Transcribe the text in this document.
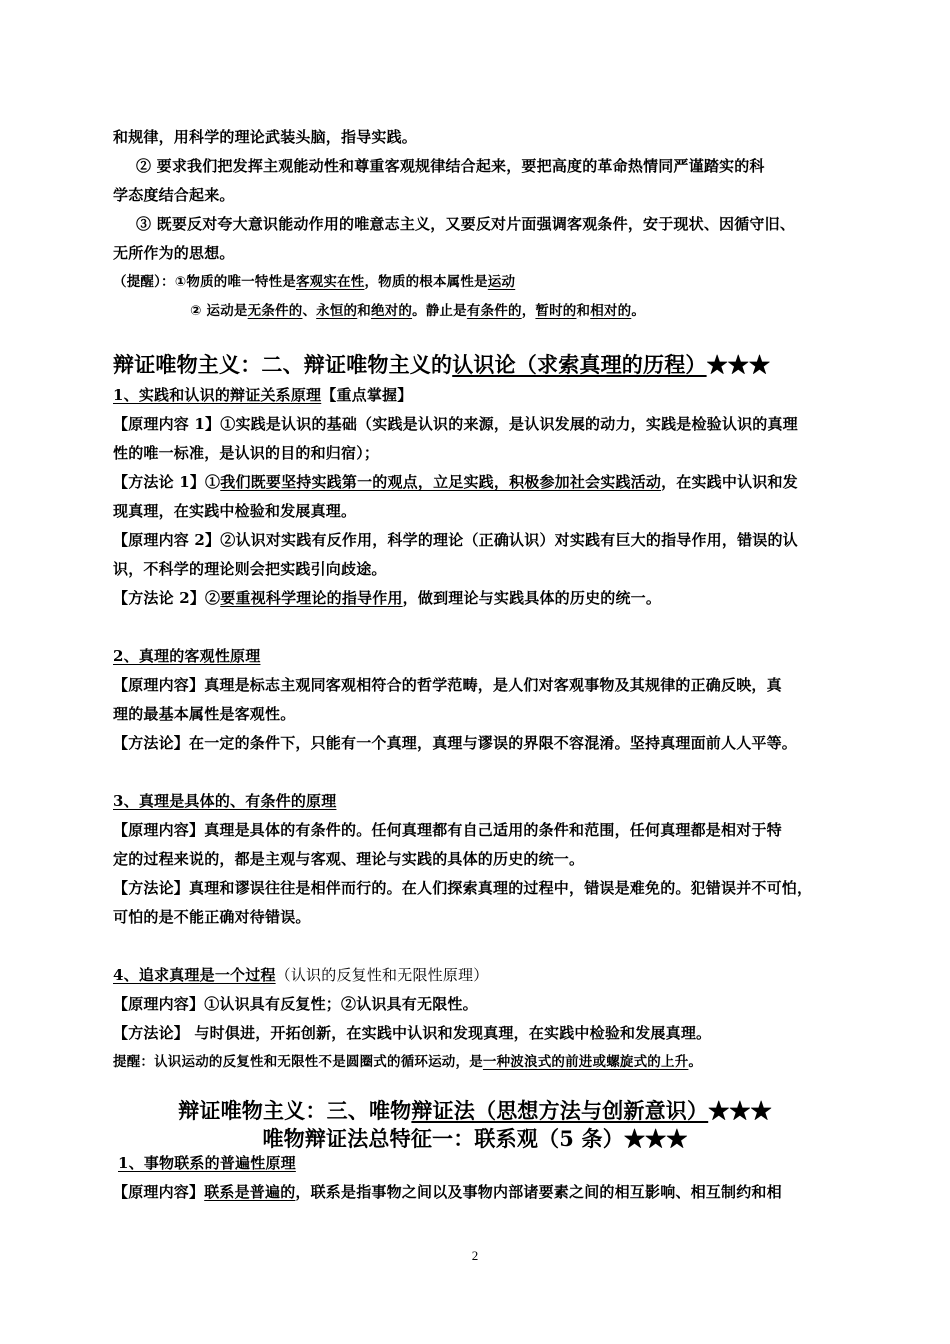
和规律，用科学的理论武装头脑，指导实践。
② 要求我们把发挥主观能动性和尊重客观规律结合起来，要把高度的革命热情同严谨踏实的科
学态度结合起来。
③ 既要反对夸大意识能动作用的唯意志主义，又要反对片面强调客观条件，安于现状、因循守旧、
无所作为的思想。
（提醒）：①物质的唯一特性是客观实在性，物质的根本属性是运动
② 运动是无条件的、永恒的和绝对的。静止是有条件的，暂时的和相对的。
辩证唯物主义：二、辩证唯物主义的认识论（求索真理的历程）★★★
1、实践和认识的辩证关系原理【重点掌握】
【原理内容 1】①实践是认识的基础（实践是认识的来源，是认识发展的动力，实践是检验认识的真理
性的唯一标准，是认识的目的和归宿）；
【方法论 1】①我们既要坚持实践第一的观点，立足实践，积极参加社会实践活动，在实践中认识和发
现真理，在实践中检验和发展真理。
【原理内容 2】②认识对实践有反作用，科学的理论（正确认识）对实践有巨大的指导作用，错误的认
识，不科学的理论则会把实践引向歧途。
【方法论 2】②要重视科学理论的指导作用，做到理论与实践具体的历史的统一。
2、真理的客观性原理
【原理内容】真理是标志主观同客观相符合的哲学范畴，是人们对客观事物及其规律的正确反映，真
理的最基本属性是客观性。
【方法论】在一定的条件下，只能有一个真理，真理与谬误的界限不容混淆。坚持真理面前人人平等。
3、真理是具体的、有条件的原理
【原理内容】真理是具体的有条件的。任何真理都有自己适用的条件和范围，任何真理都是相对于特
定的过程来说的，都是主观与客观、理论与实践的具体的历史的统一。
【方法论】真理和谬误往往是相伴而行的。在人们探索真理的过程中，错误是难免的。犯错误并不可怕，
可怕的是不能正确对待错误。
4、追求真理是一个过程（认识的反复性和无限性原理）
【原理内容】①认识具有反复性；②认识具有无限性。
【方法论】 与时俱进，开拓创新，在实践中认识和发现真理，在实践中检验和发展真理。
提醒：认识运动的反复性和无限性不是圆圈式的循环运动，是一种波浪式的前进或螺旋式的上升。
辩证唯物主义：三、唯物辩证法（思想方法与创新意识）★★★
唯物辩证法总特征一：联系观（5 条）★★★
1、事物联系的普遍性原理
【原理内容】联系是普遍的，联系是指事物之间以及事物内部诸要素之间的相互影响、相互制约和相
2
